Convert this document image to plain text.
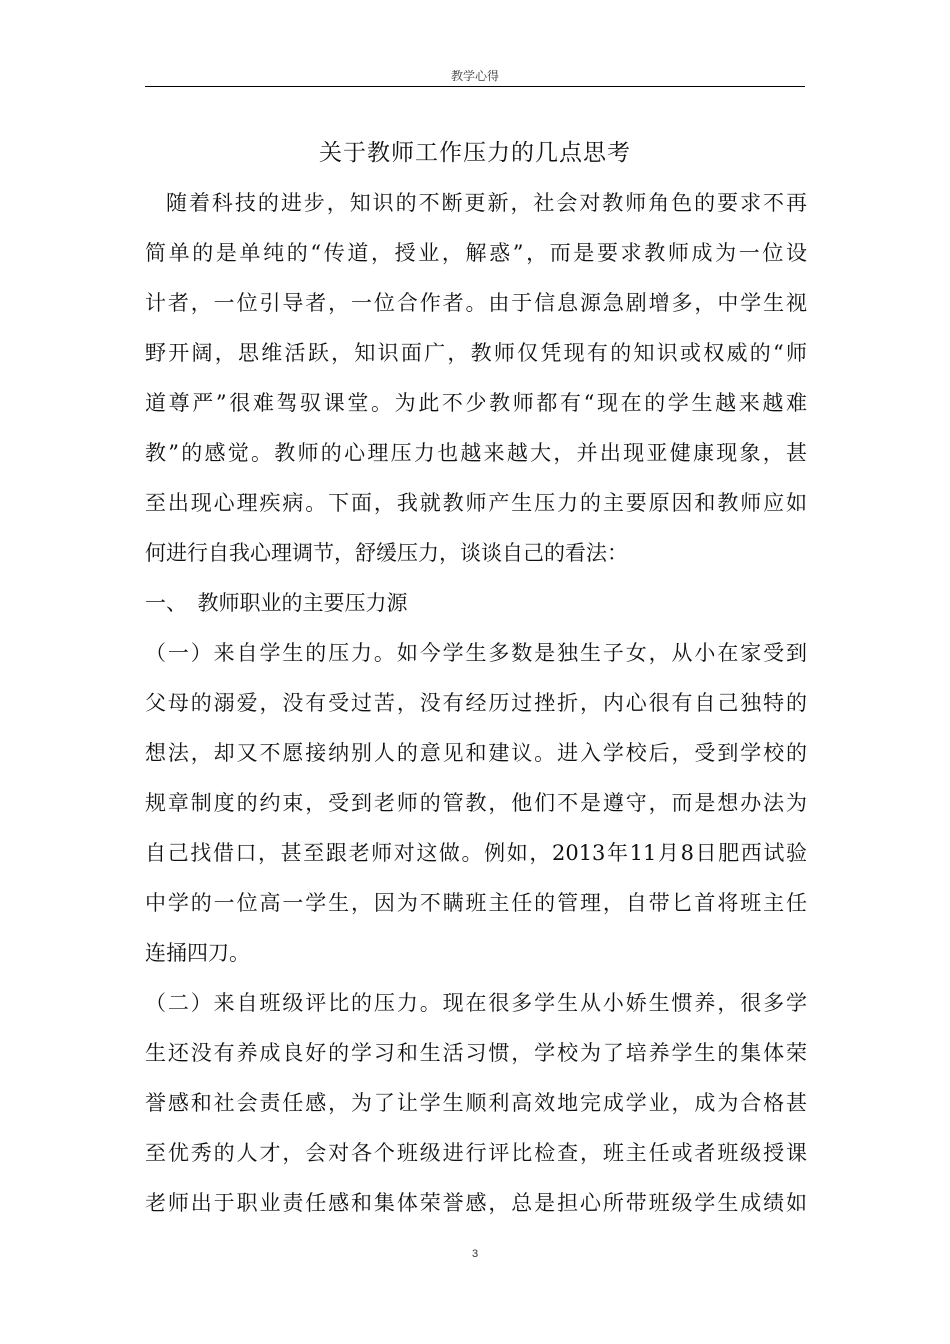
教学心得
关于教师工作压力的几点思考
随着科技的进步，知识的不断更新，社会对教师角色的要求不再
简单的是单纯的“传道，授业，解惑”，而是要求教师成为一位设
计者，一位引导者，一位合作者。由于信息源急剧增多，中学生视
野开阔，思维活跃，知识面广，教师仅凭现有的知识或权威的“师
道尊严”很难驾驭课堂。为此不少教师都有“现在的学生越来越难
教”的感觉。教师的心理压力也越来越大，并出现亚健康现象，甚
至出现心理疾病。下面，我就教师产生压力的主要原因和教师应如
何进行自我心理调节，舒缓压力，谈谈自己的看法：
一、　教师职业的主要压力源
（一）来自学生的压力。如今学生多数是独生子女，从小在家受到
父母的溺爱，没有受过苦，没有经历过挫折，内心很有自己独特的
想法，却又不愿接纳别人的意见和建议。进入学校后，受到学校的
规章制度的约束，受到老师的管教，他们不是遵守，而是想办法为
自己找借口，甚至跟老师对这做。例如，2013年11月8日肥西试验
中学的一位高一学生，因为不瞒班主任的管理，自带匕首将班主任
连捅四刀。
（二）来自班级评比的压力。现在很多学生从小娇生惯养，很多学
生还没有养成良好的学习和生活习惯，学校为了培养学生的集体荣
誉感和社会责任感，为了让学生顺利高效地完成学业，成为合格甚
至优秀的人才，会对各个班级进行评比检查，班主任或者班级授课
老师出于职业责任感和集体荣誉感，总是担心所带班级学生成绩如
3
